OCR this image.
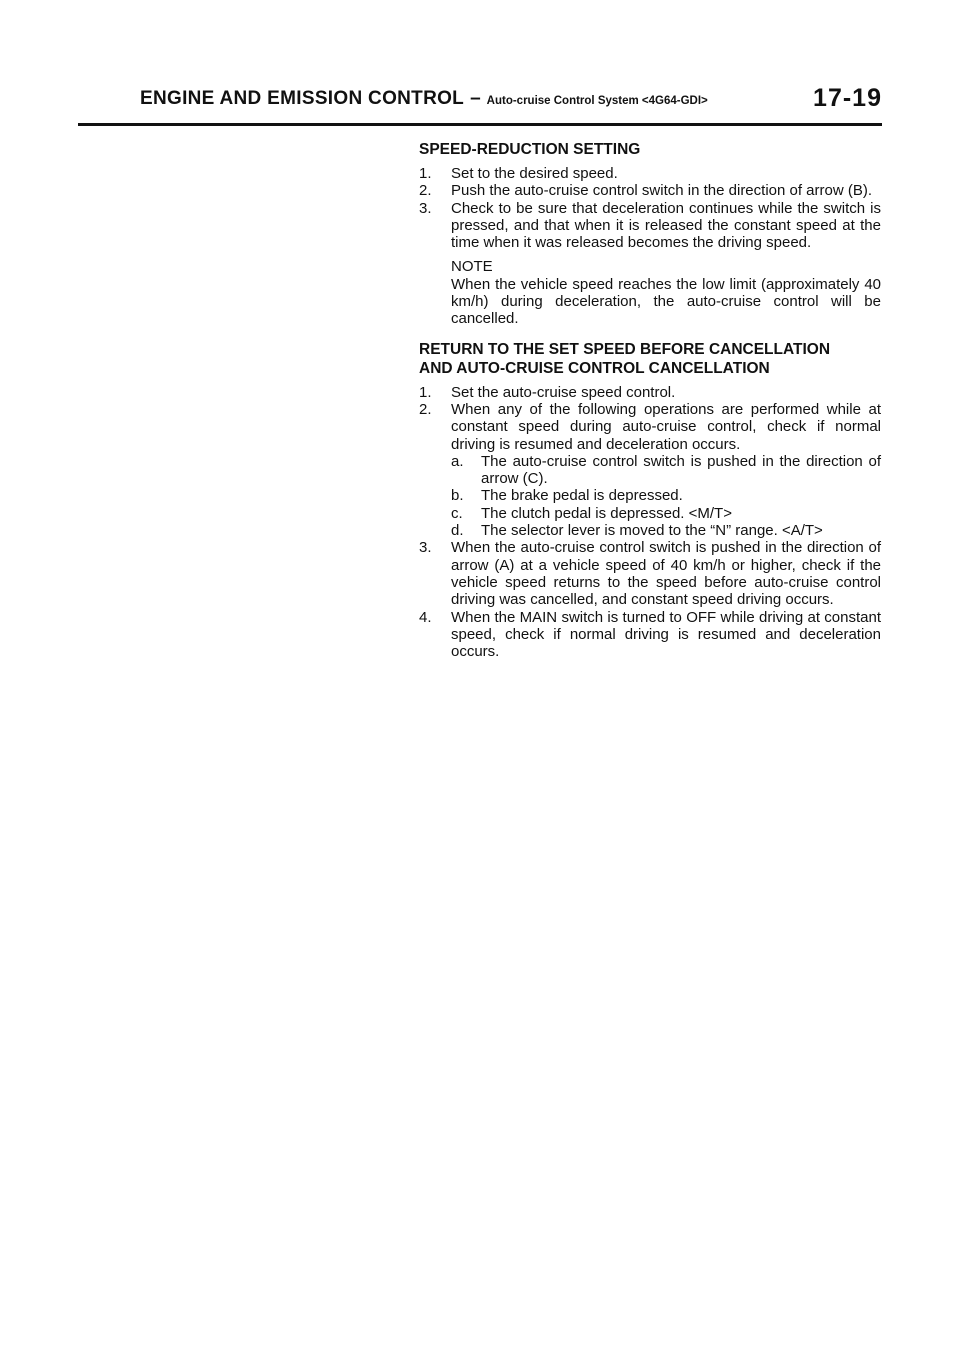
ENGINE AND EMISSION CONTROL – Auto-cruise Control System <4G64-GDI>	17-19
SPEED-REDUCTION SETTING
1.	Set to the desired speed.
2.	Push the auto-cruise control switch in the direction of arrow (B).
3.	Check to be sure that deceleration continues while the switch is pressed, and that when it is released the constant speed at the time when it was released becomes the driving speed.
NOTE
When the vehicle speed reaches the low limit (approximately 40 km/h) during deceleration, the auto-cruise control will be cancelled.
RETURN TO THE SET SPEED BEFORE CANCELLATION
AND AUTO-CRUISE CONTROL CANCELLATION
1.	Set the auto-cruise speed control.
2.	When any of the following operations are performed while at constant speed during auto-cruise control, check if normal driving is resumed and deceleration occurs.
a.	The auto-cruise control switch is pushed in the direction of arrow (C).
b.	The brake pedal is depressed.
c.	The clutch pedal is depressed. <M/T>
d.	The selector lever is moved to the “N” range. <A/T>
3.	When the auto-cruise control switch is pushed in the direction of arrow (A) at a vehicle speed of 40 km/h or higher, check if the vehicle speed returns to the speed before auto-cruise control driving was cancelled, and constant speed driving occurs.
4.	When the MAIN switch is turned to OFF while driving at constant speed, check if normal driving is resumed and deceleration occurs.
